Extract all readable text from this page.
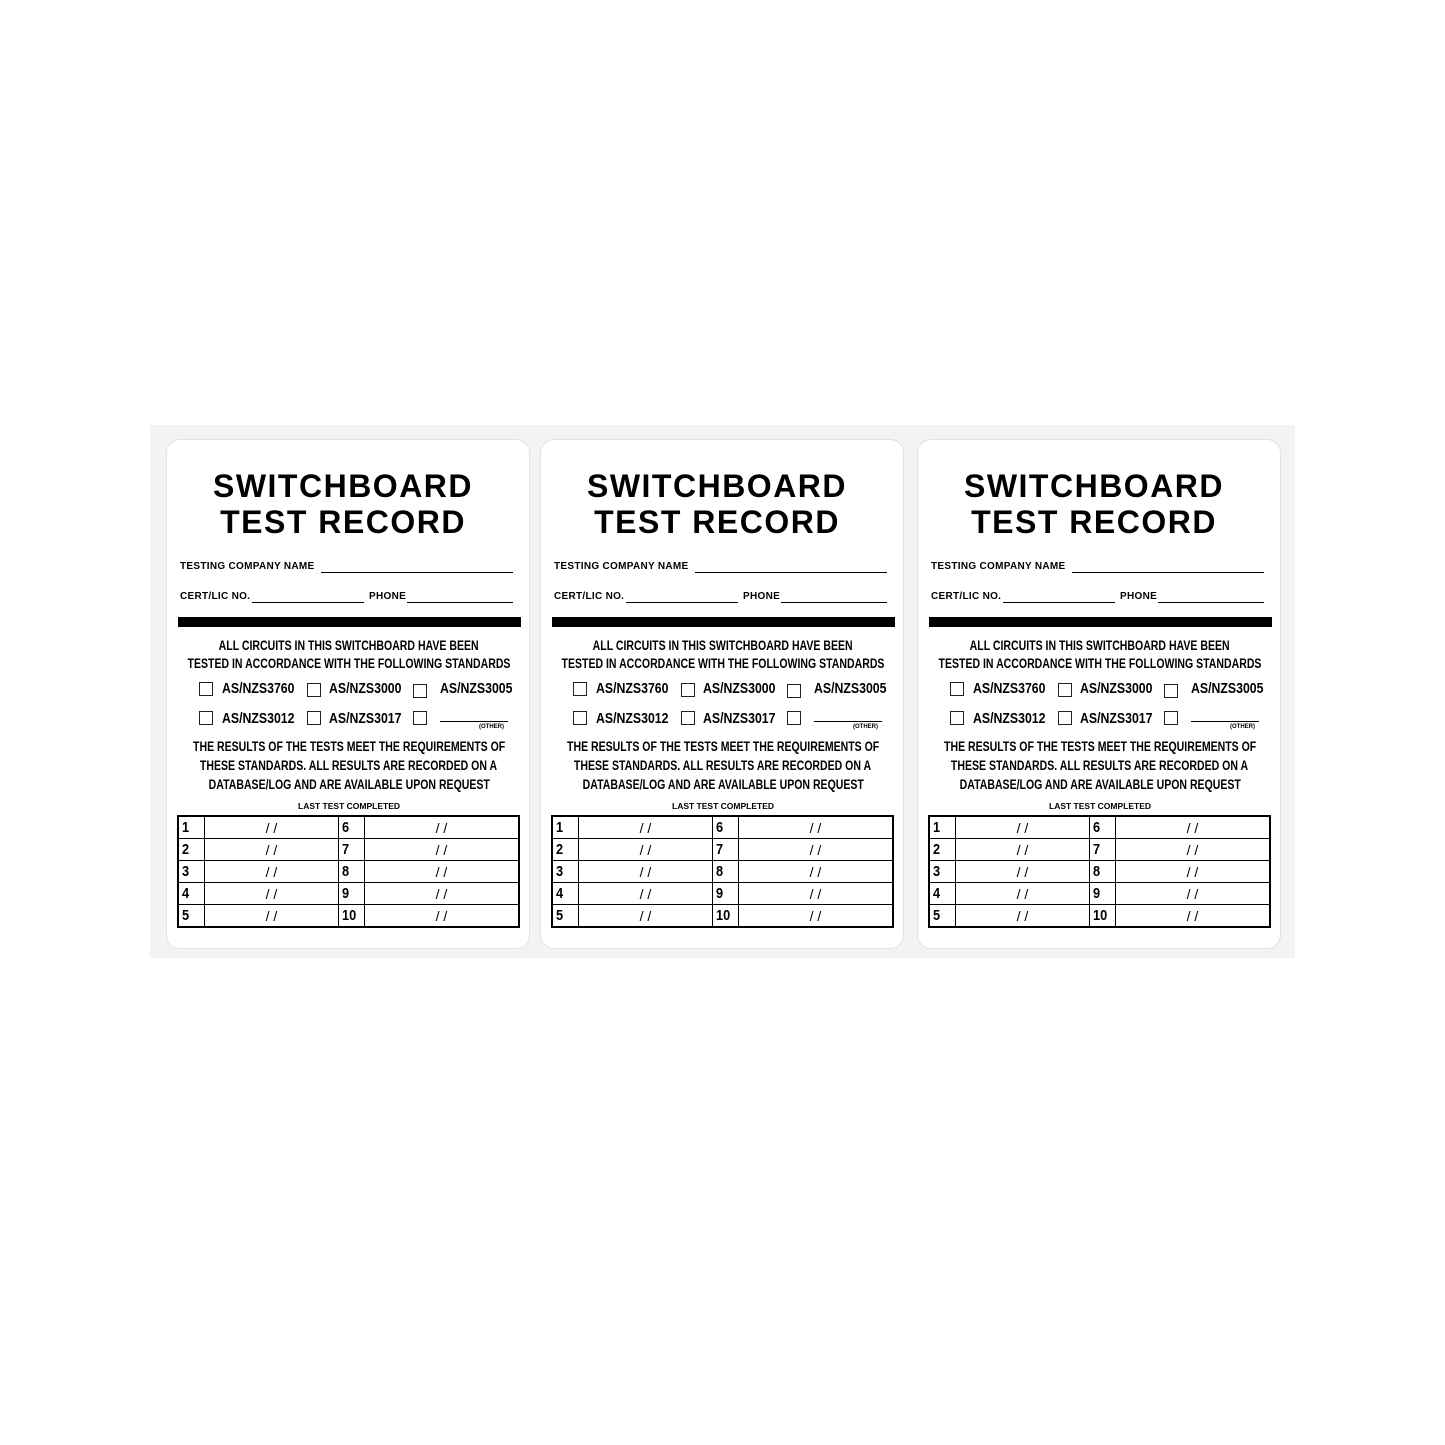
SWITCHBOARD
TEST RECORD
TESTING COMPANY NAME
CERT/LIC NO.	PHONE
ALL CIRCUITS IN THIS SWITCHBOARD HAVE BEEN
TESTED IN ACCORDANCE WITH THE FOLLOWING STANDARDS
AS/NZS3760 AS/NZS3000	AS/NZS3005
AS/NZS3012 AS/NZS3017	(OTHER)
THE RESULTS OF THE TESTS MEET THE REQUIREMENTS OF
THESE STANDARDS. ALL RESULTS ARE RECORDED ON A
DATABASE/LOG AND ARE AVAILABLE UPON REQUEST
LAST TEST COMPLETED
1	/ /	6	/ /
2	/ /	7	/ /
3	/ /	8	/ /
4	/ /	9	/ /
5	/ /	10	/ /
SWITCHBOARD
TEST RECORD
TESTING COMPANY NAME
CERT/LIC NO.	PHONE
ALL CIRCUITS IN THIS SWITCHBOARD HAVE BEEN
TESTED IN ACCORDANCE WITH THE FOLLOWING STANDARDS
AS/NZS3760 AS/NZS3000	AS/NZS3005
AS/NZS3012 AS/NZS3017	(OTHER)
THE RESULTS OF THE TESTS MEET THE REQUIREMENTS OF
THESE STANDARDS. ALL RESULTS ARE RECORDED ON A
DATABASE/LOG AND ARE AVAILABLE UPON REQUEST
LAST TEST COMPLETED
1	/ /	6	/ /
2	/ /	7	/ /
3	/ /	8	/ /
4	/ /	9	/ /
5	/ /	10	/ /
SWITCHBOARD
TEST RECORD
TESTING COMPANY NAME
CERT/LIC NO.	PHONE
ALL CIRCUITS IN THIS SWITCHBOARD HAVE BEEN
TESTED IN ACCORDANCE WITH THE FOLLOWING STANDARDS
AS/NZS3760 AS/NZS3000	AS/NZS3005
AS/NZS3012 AS/NZS3017	(OTHER)
THE RESULTS OF THE TESTS MEET THE REQUIREMENTS OF
THESE STANDARDS. ALL RESULTS ARE RECORDED ON A
DATABASE/LOG AND ARE AVAILABLE UPON REQUEST
LAST TEST COMPLETED
1	/ /	6	/ /
2	/ /	7	/ /
3	/ /	8	/ /
4	/ /	9	/ /
5	/ /	10	/ /
